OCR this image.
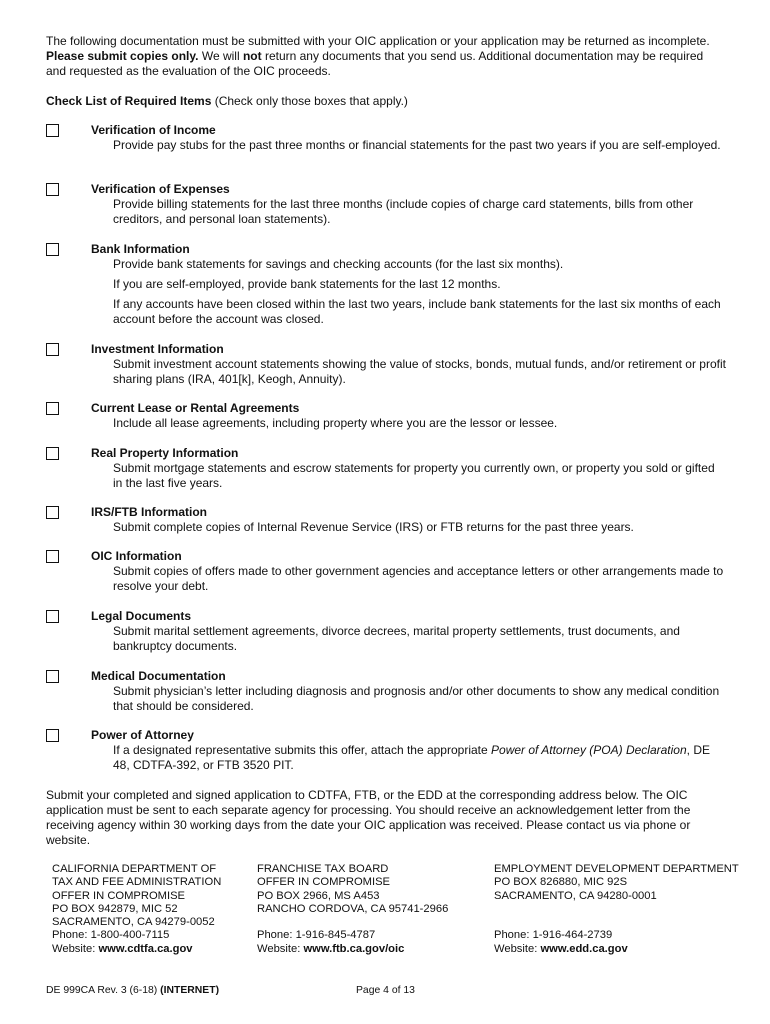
The following documentation must be submitted with your OIC application or your application may be returned as incomplete. Please submit copies only. We will not return any documents that you send us. Additional documentation may be required and requested as the evaluation of the OIC proceeds.
Check List of Required Items (Check only those boxes that apply.)
Verification of Income
Provide pay stubs for the past three months or financial statements for the past two years if you are self-employed.
Verification of Expenses
Provide billing statements for the last three months (include copies of charge card statements, bills from other creditors, and personal loan statements).
Bank Information
Provide bank statements for savings and checking accounts (for the last six months).
If you are self-employed, provide bank statements for the last 12 months.
If any accounts have been closed within the last two years, include bank statements for the last six months of each account before the account was closed.
Investment Information
Submit investment account statements showing the value of stocks, bonds, mutual funds, and/or retirement or profit sharing plans (IRA, 401[k], Keogh, Annuity).
Current Lease or Rental Agreements
Include all lease agreements, including property where you are the lessor or lessee.
Real Property Information
Submit mortgage statements and escrow statements for property you currently own, or property you sold or gifted in the last five years.
IRS/FTB Information
Submit complete copies of Internal Revenue Service (IRS) or FTB returns for the past three years.
OIC Information
Submit copies of offers made to other government agencies and acceptance letters or other arrangements made to resolve your debt.
Legal Documents
Submit marital settlement agreements, divorce decrees, marital property settlements, trust documents, and bankruptcy documents.
Medical Documentation
Submit physician’s letter including diagnosis and prognosis and/or other documents to show any medical condition that should be considered.
Power of Attorney
If a designated representative submits this offer, attach the appropriate Power of Attorney (POA) Declaration, DE 48, CDTFA-392, or FTB 3520 PIT.
Submit your completed and signed application to CDTFA, FTB, or the EDD at the corresponding address below. The OIC application must be sent to each separate agency for processing. You should receive an acknowledgement letter from the receiving agency within 30 working days from the date your OIC application was received. Please contact us via phone or website.
CALIFORNIA DEPARTMENT OF
TAX AND FEE ADMINISTRATION
OFFER IN COMPROMISE
PO BOX 942879, MIC 52
SACRAMENTO, CA 94279-0052
Phone: 1-800-400-7115
Website: www.cdtfa.ca.gov
FRANCHISE TAX BOARD
OFFER IN COMPROMISE
PO BOX 2966, MS A453
RANCHO CORDOVA, CA 95741-2966

Phone: 1-916-845-4787
Website: www.ftb.ca.gov/oic
EMPLOYMENT DEVELOPMENT DEPARTMENT
PO BOX 826880, MIC 92S
SACRAMENTO, CA 94280-0001

Phone: 1-916-464-2739
Website: www.edd.ca.gov
DE 999CA Rev. 3 (6-18) (INTERNET)	Page 4 of 13
